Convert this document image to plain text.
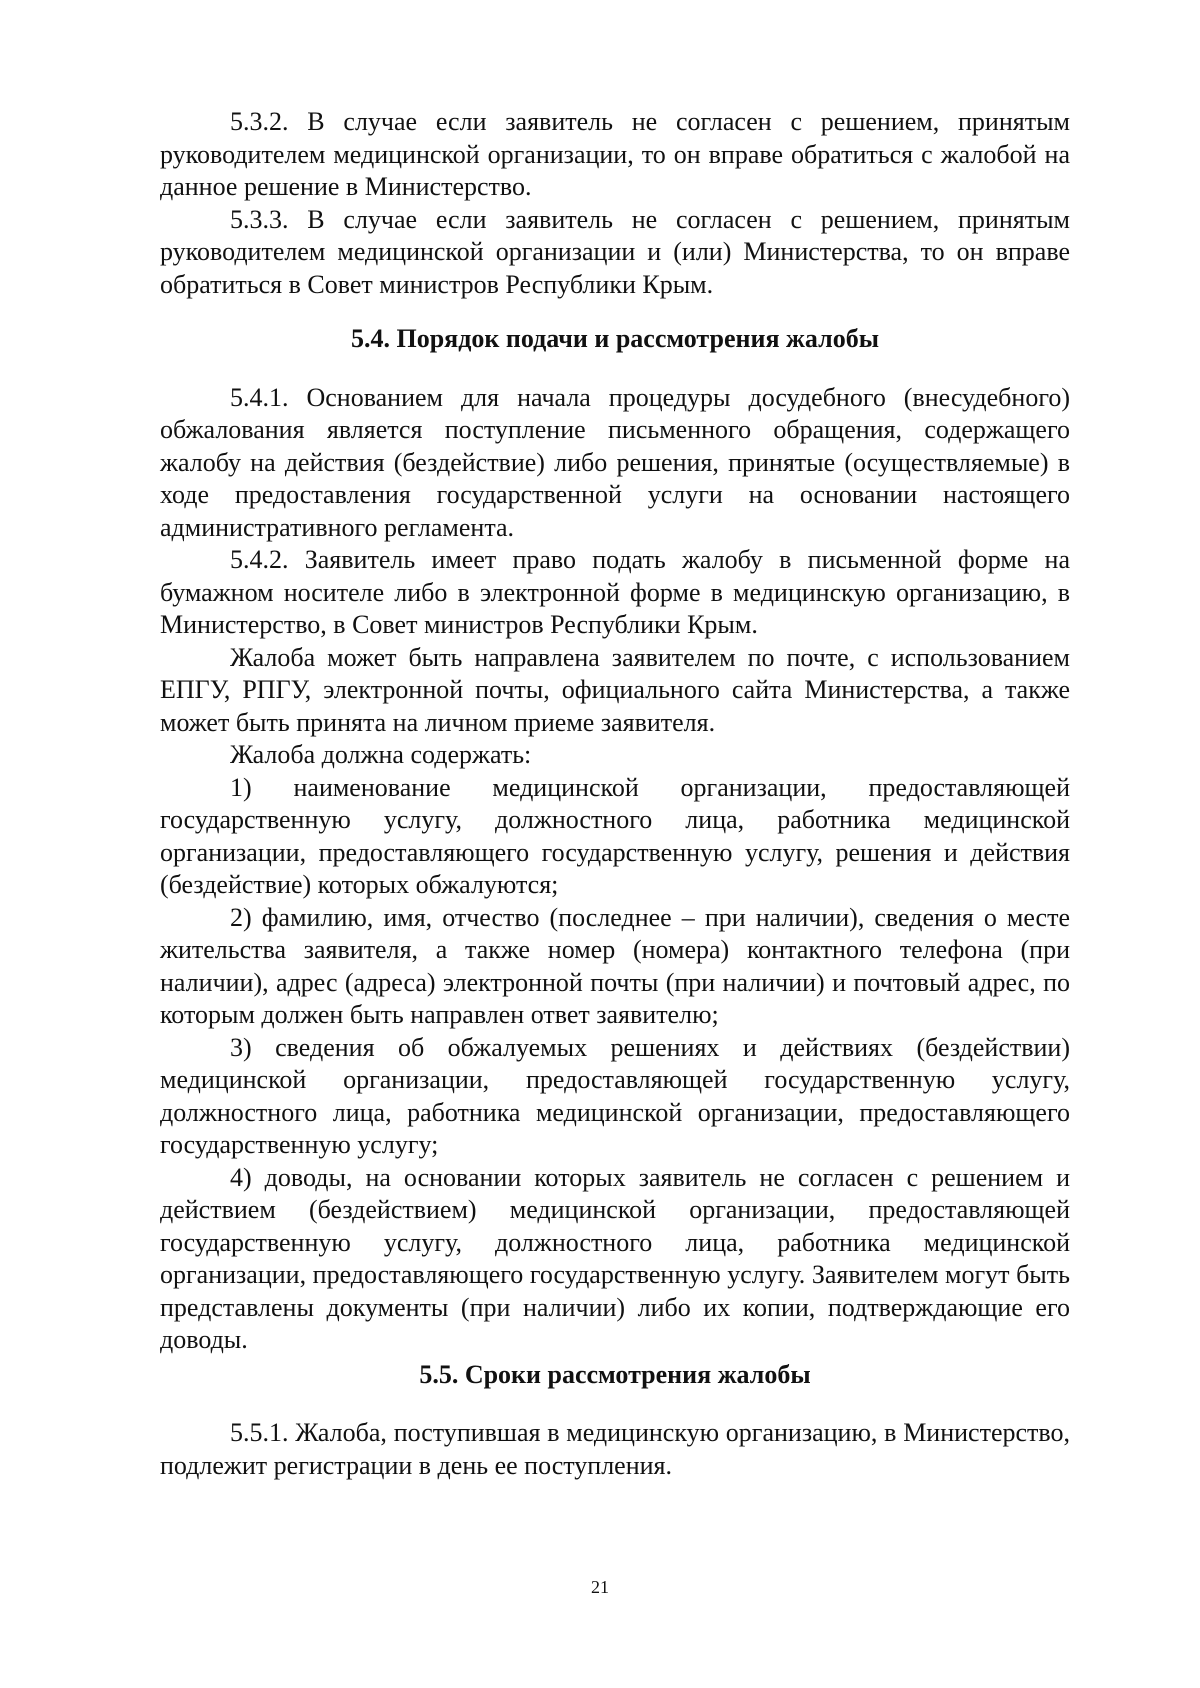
5.3.2. В случае если заявитель не согласен с решением, принятым руководителем медицинской организации, то он вправе обратиться с жалобой на данное решение в Министерство.

5.3.3. В случае если заявитель не согласен с решением, принятым руководителем медицинской организации и (или) Министерства, то он вправе обратиться в Совет министров Республики Крым.

5.4. Порядок подачи и рассмотрения жалобы

5.4.1. Основанием для начала процедуры досудебного (внесудебного) обжалования является поступление письменного обращения, содержащего жалобу на действия (бездействие) либо решения, принятые (осуществляемые) в ходе предоставления государственной услуги на основании настоящего административного регламента.

5.4.2. Заявитель имеет право подать жалобу в письменной форме на бумажном носителе либо в электронной форме в медицинскую организацию, в Министерство, в Совет министров Республики Крым.

Жалоба может быть направлена заявителем по почте, с использованием ЕПГУ, РПГУ, электронной почты, официального сайта Министерства, а также может быть принята на личном приеме заявителя.

Жалоба должна содержать:

1) наименование медицинской организации, предоставляющей государственную услугу, должностного лица, работника медицинской организации, предоставляющего государственную услугу, решения и действия (бездействие) которых обжалуются;

2) фамилию, имя, отчество (последнее – при наличии), сведения о месте жительства заявителя, а также номер (номера) контактного телефона (при наличии), адрес (адреса) электронной почты (при наличии) и почтовый адрес, по которым должен быть направлен ответ заявителю;

3) сведения об обжалуемых решениях и действиях (бездействии) медицинской организации, предоставляющей государственную услугу, должностного лица, работника медицинской организации, предоставляющего государственную услугу;

4) доводы, на основании которых заявитель не согласен с решением и действием (бездействием) медицинской организации, предоставляющей государственную услугу, должностного лица, работника медицинской организации, предоставляющего государственную услугу. Заявителем могут быть представлены документы (при наличии) либо их копии, подтверждающие его доводы.

5.5. Сроки рассмотрения жалобы

5.5.1. Жалоба, поступившая в медицинскую организацию, в Министерство, подлежит регистрации в день ее поступления.

21
